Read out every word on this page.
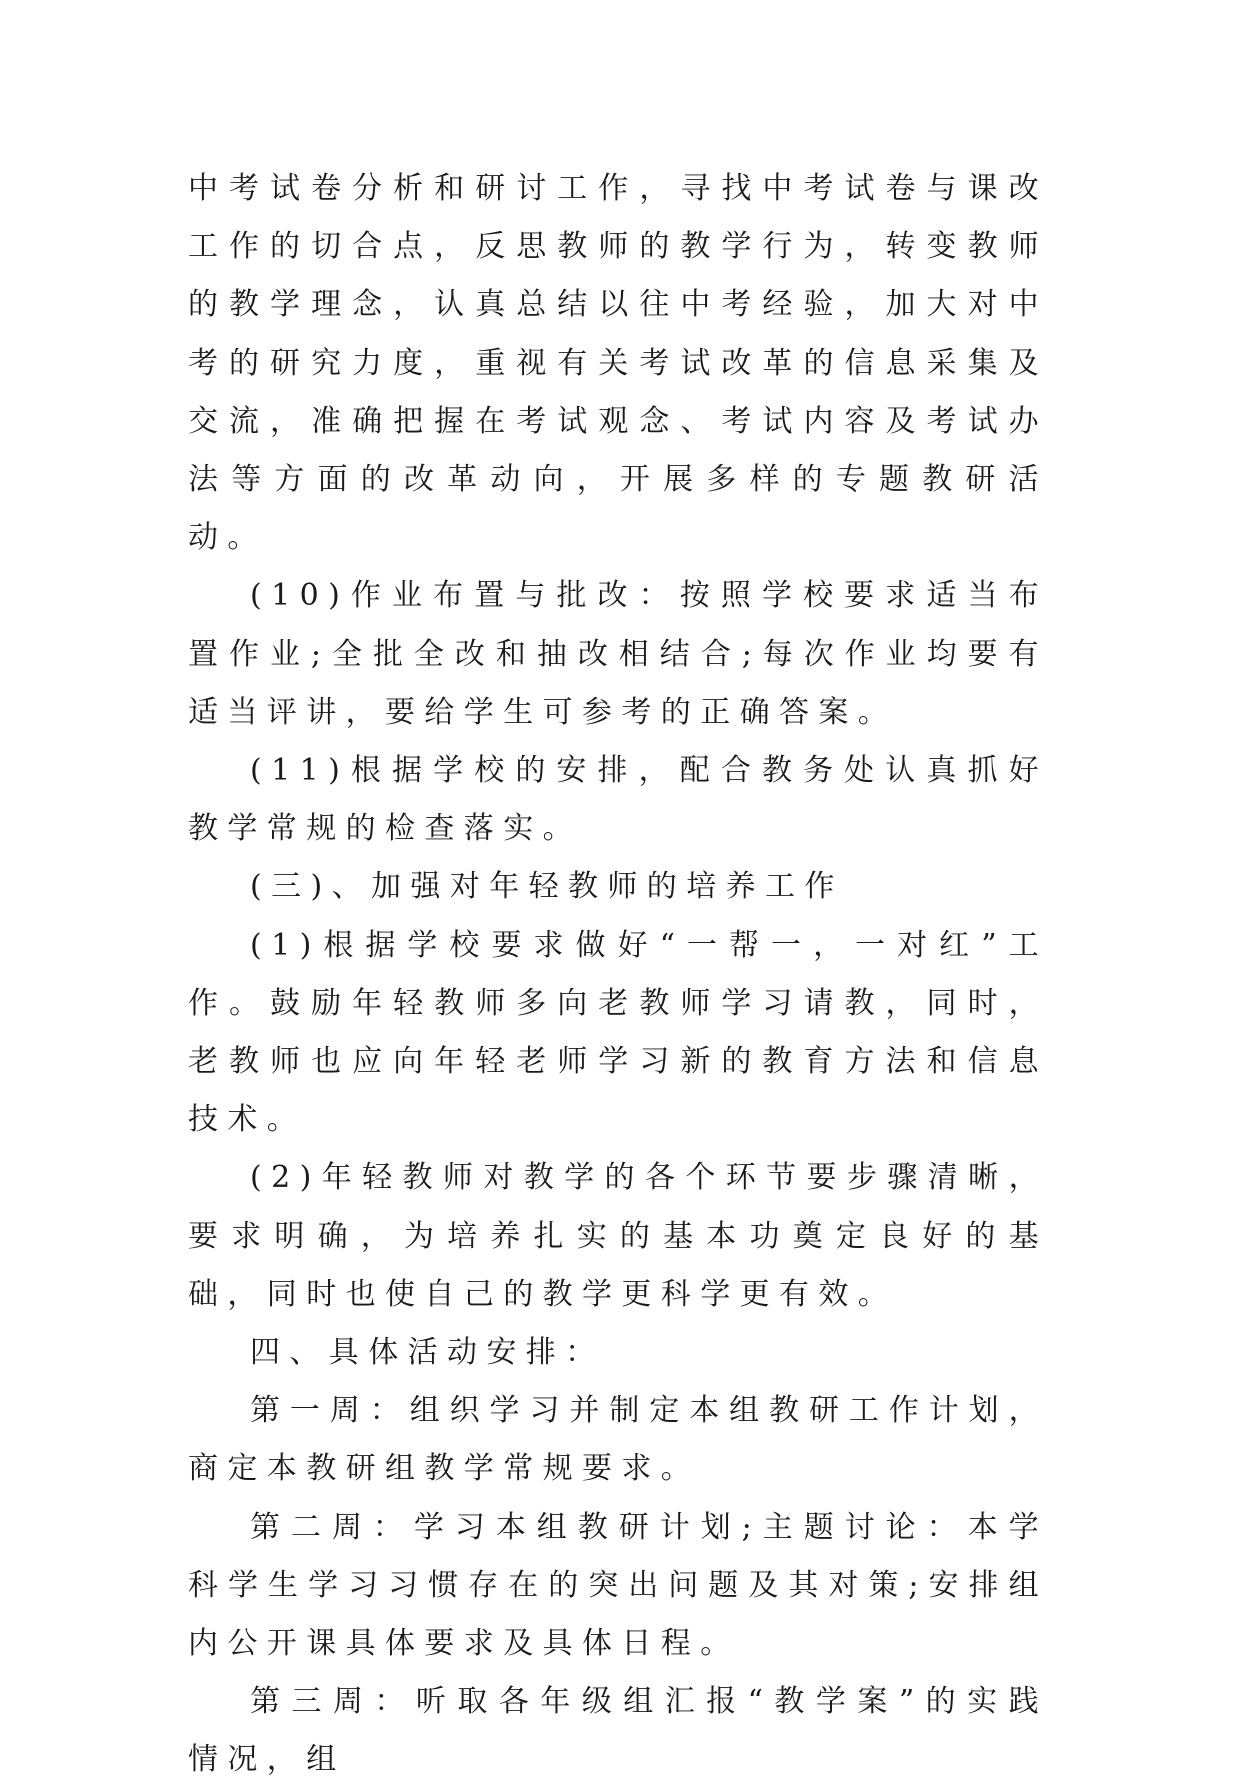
中考试卷分析和研讨工作，寻找中考试卷与课改工作的切合点，反思教师的教学行为，转变教师的教学理念，认真总结以往中考经验，加大对中考的研究力度，重视有关考试改革的信息采集及交流，准确把握在考试观念、考试内容及考试办法等方面的改革动向，开展多样的专题教研活动。

(10)作业布置与批改：按照学校要求适当布置作业;全批全改和抽改相结合;每次作业均要有适当评讲，要给学生可参考的正确答案。

(11)根据学校的安排，配合教务处认真抓好教学常规的检查落实。

(三)、加强对年轻教师的培养工作

(1)根据学校要求做好“一帮一，一对红”工作。鼓励年轻教师多向老教师学习请教，同时，老教师也应向年轻老师学习新的教育方法和信息技术。

(2)年轻教师对教学的各个环节要步骤清晰，要求明确，为培养扎实的基本功奠定良好的基础，同时也使自己的教学更科学更有效。

四、具体活动安排：

第一周：组织学习并制定本组教研工作计划，商定本教研组教学常规要求。

第二周：学习本组教研计划;主题讨论：本学科学生学习习惯存在的突出问题及其对策;安排组内公开课具体要求及具体日程。

第三周：听取各年级组汇报“教学案”的实践情况，组
